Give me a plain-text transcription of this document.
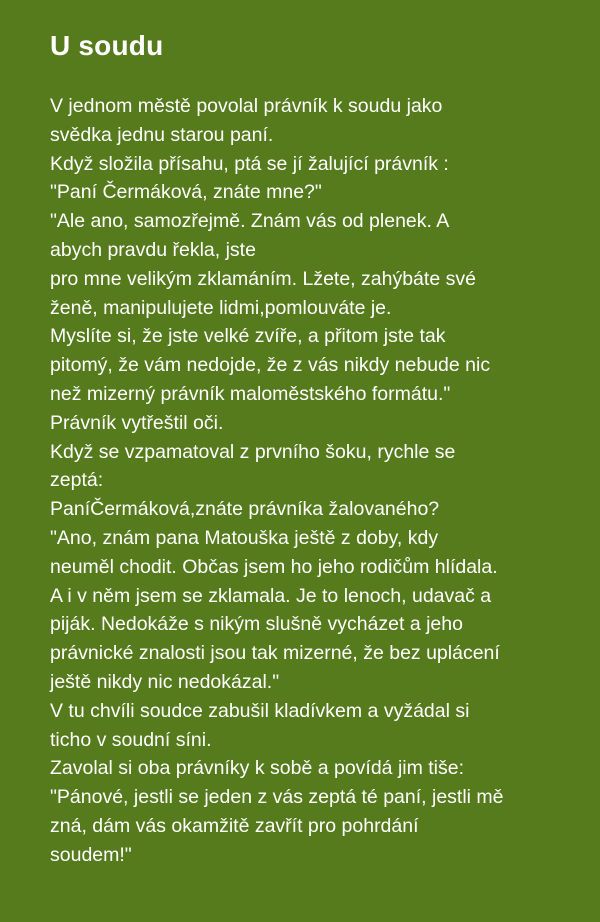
U soudu
V jednom městě povolal právník k soudu jako
svědka jednu starou paní.
Když složila přísahu, ptá se jí žalující právník :
"Paní Čermáková, znáte mne?"
"Ale ano, samozřejmě. Znám vás od plenek. A
abych pravdu řekla, jste
pro mne velikým zklamáním. Lžete, zahýbáte své
ženě, manipulujete lidmi,pomlouváte je.
Myslíte si, že jste velké zvíře, a přitom jste tak
pitomý, že vám nedojde, že z vás nikdy nebude nic
než mizerný právník maloměstského formátu."
Právník vytřeštil oči.
Když se vzpamatoval z prvního šoku, rychle se
zeptá:
PaníČermáková,znáte právníka žalovaného?
"Ano, znám pana Matouška ještě z doby, kdy
neuměl chodit. Občas jsem ho jeho rodičům hlídala.
A i v něm jsem se zklamala. Je to lenoch, udavač a
piják. Nedokáže s nikým slušně vycházet a jeho
právnické znalosti jsou tak mizerné, že bez uplácení
ještě nikdy nic nedokázal."
V tu chvíli soudce zabušil kladívkem a vyžádal si
ticho v soudní síni.
Zavolal si oba právníky k sobě a povídá jim tiše:
"Pánové, jestli se jeden z vás zeptá té paní, jestli mě
zná, dám vás okamžitě zavřít pro pohrdání
soudem!"
